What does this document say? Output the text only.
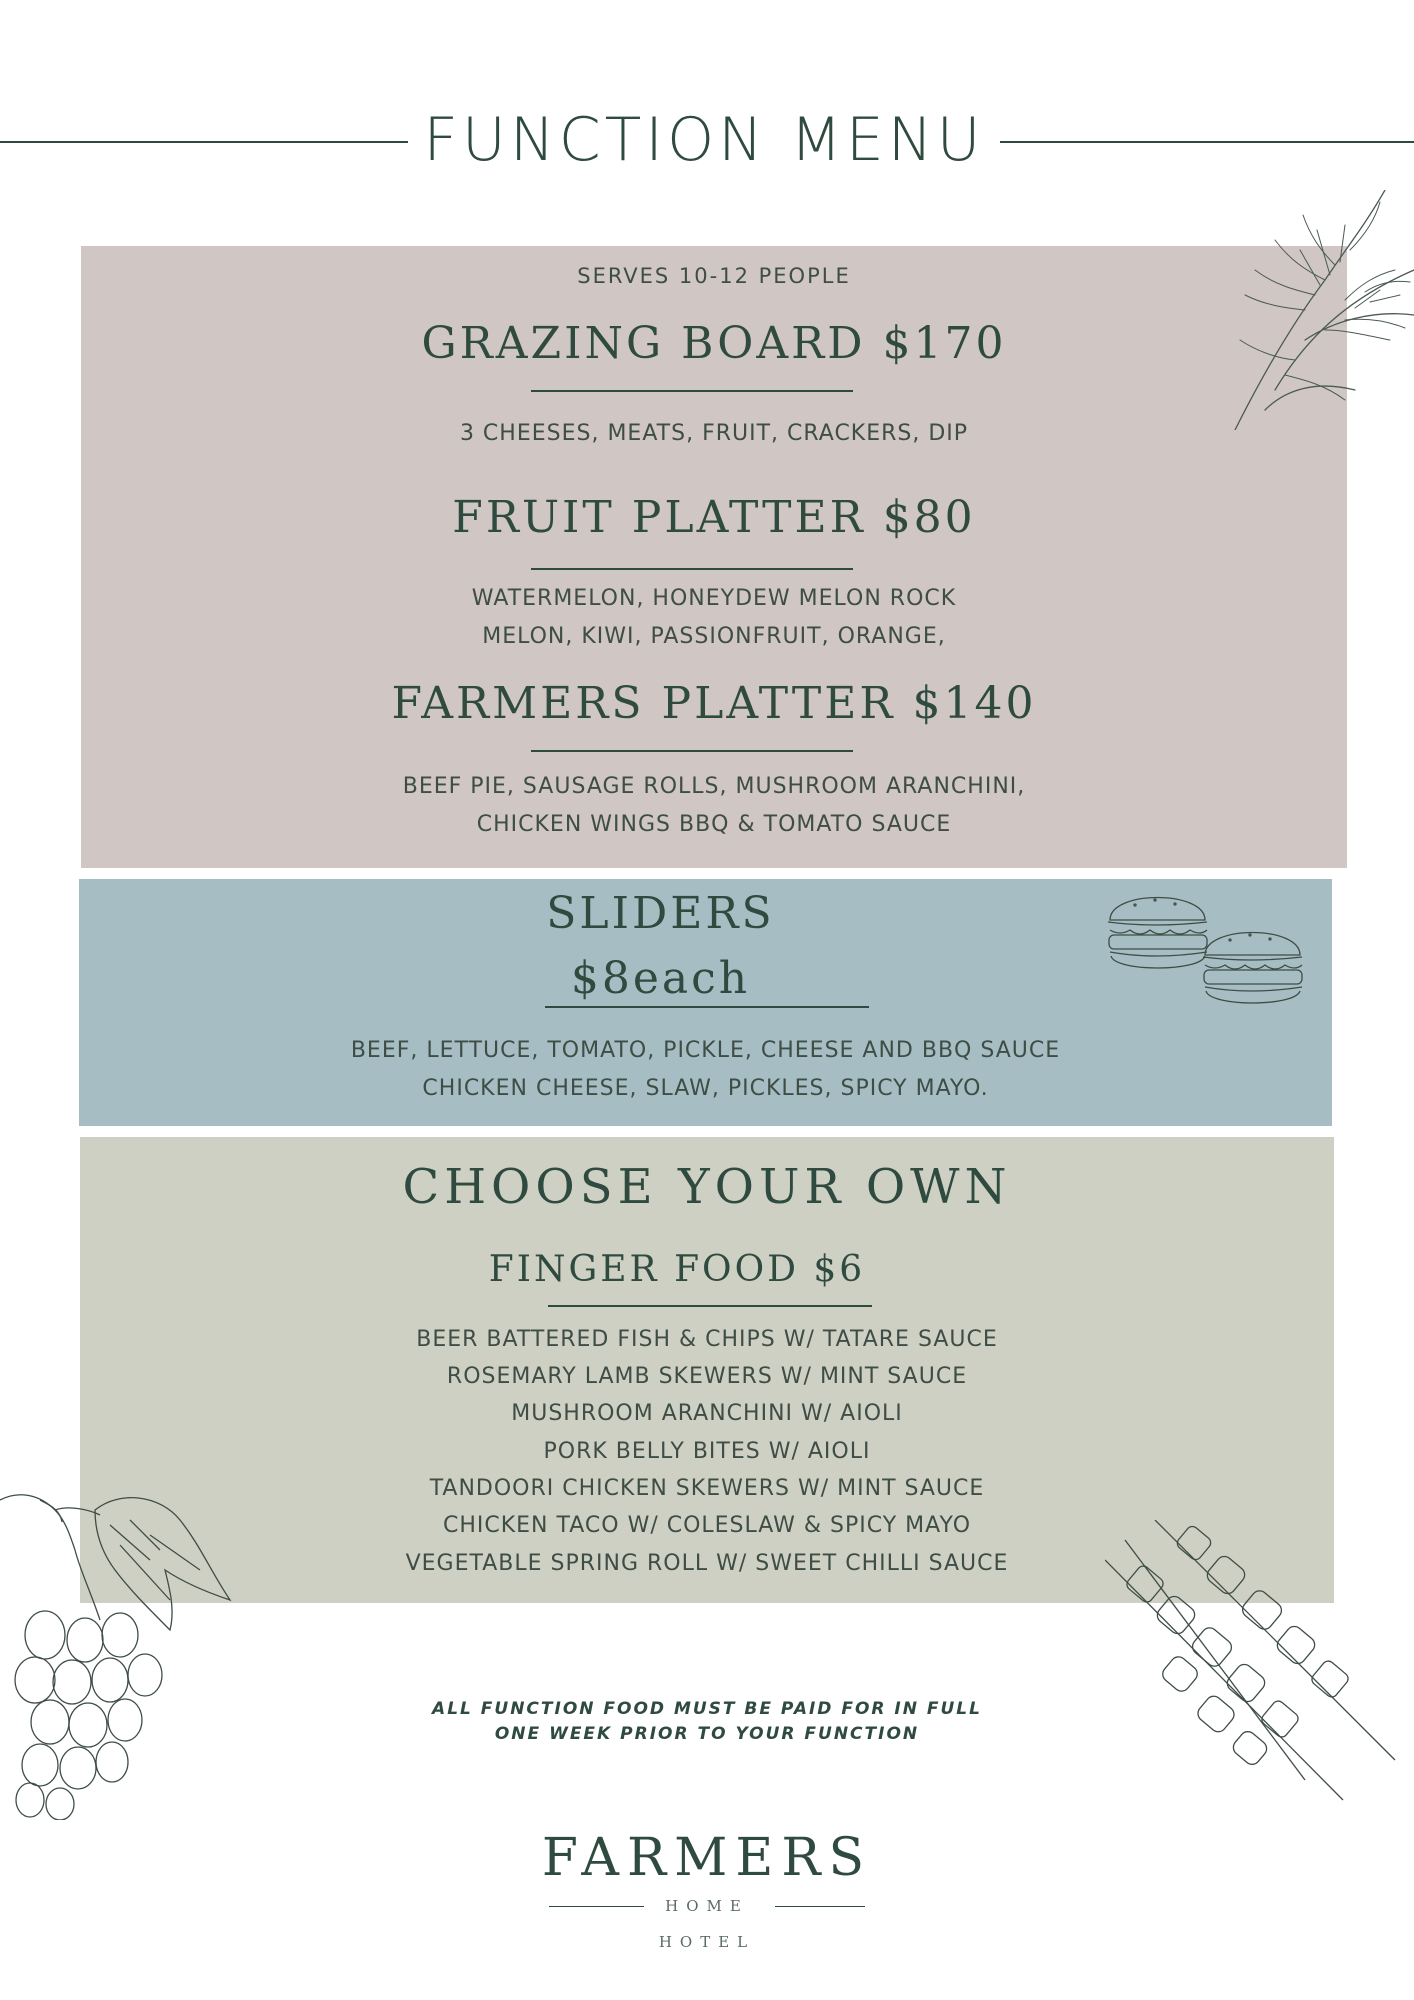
FUNCTION MENU
SERVES 10-12 PEOPLE
GRAZING BOARD $170
3 CHEESES, MEATS, FRUIT, CRACKERS, DIP
FRUIT PLATTER $80
WATERMELON, HONEYDEW MELON ROCK
MELON, KIWI, PASSIONFRUIT, ORANGE,
FARMERS PLATTER $140
BEEF PIE, SAUSAGE ROLLS, MUSHROOM ARANCHINI,
CHICKEN WINGS BBQ & TOMATO SAUCE
SLIDERS
$8each
BEEF, LETTUCE, TOMATO, PICKLE, CHEESE AND BBQ SAUCE
CHICKEN CHEESE, SLAW, PICKLES, SPICY MAYO.
CHOOSE YOUR OWN
FINGER FOOD $6
BEER BATTERED FISH & CHIPS W/ TATARE SAUCE
ROSEMARY LAMB SKEWERS W/ MINT SAUCE
MUSHROOM ARANCHINI W/ AIOLI
PORK BELLY BITES W/ AIOLI
TANDOORI CHICKEN SKEWERS W/ MINT SAUCE
CHICKEN TACO W/ COLESLAW & SPICY MAYO
VEGETABLE SPRING ROLL W/ SWEET CHILLI SAUCE
ALL FUNCTION FOOD MUST BE PAID FOR IN FULL
ONE WEEK PRIOR TO YOUR FUNCTION
FARMERS
HOME
HOTEL
